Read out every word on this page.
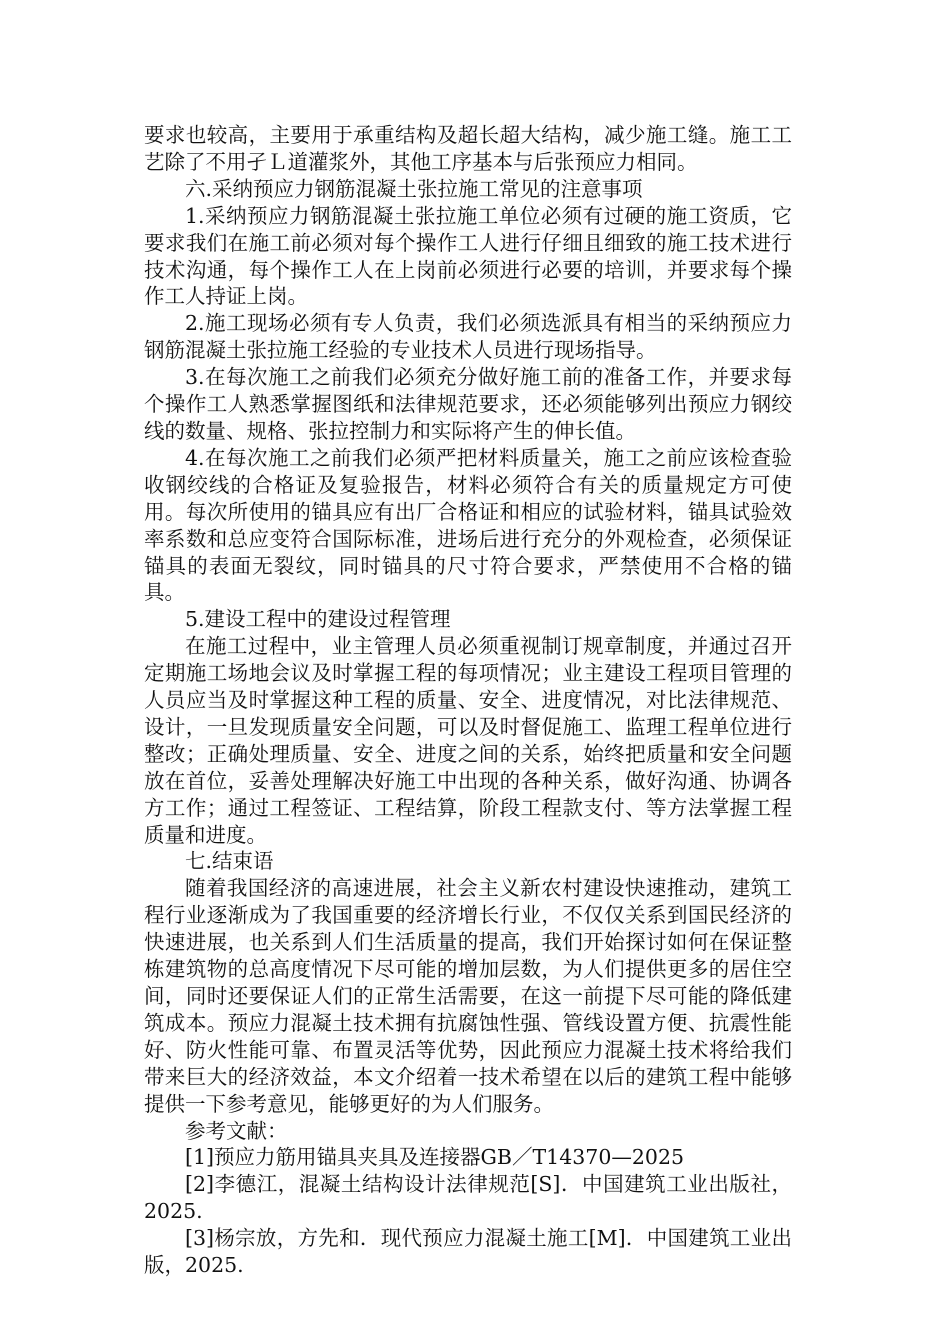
要求也较高，主要用于承重结构及超长超大结构，减少施工缝。施工工艺除了不用孑Ｌ道灌浆外，其他工序基本与后张预应力相同。

六.采纳预应力钢筋混凝土张拉施工常见的注意事项

1.采纳预应力钢筋混凝土张拉施工单位必须有过硬的施工资质，它要求我们在施工前必须对每个操作工人进行仔细且细致的施工技术进行技术沟通，每个操作工人在上岗前必须进行必要的培训，并要求每个操作工人持证上岗。

2.施工现场必须有专人负责，我们必须选派具有相当的采纳预应力钢筋混凝土张拉施工经验的专业技术人员进行现场指导。

3.在每次施工之前我们必须充分做好施工前的准备工作，并要求每个操作工人熟悉掌握图纸和法律规范要求，还必须能够列出预应力钢绞线的数量、规格、张拉控制力和实际将产生的伸长值。

4.在每次施工之前我们必须严把材料质量关，施工之前应该检查验收钢绞线的合格证及复验报告，材料必须符合有关的质量规定方可使用。每次所使用的锚具应有出厂合格证和相应的试验材料，锚具试验效率系数和总应变符合国际标准，进场后进行充分的外观检查，必须保证锚具的表面无裂纹，同时锚具的尺寸符合要求，严禁使用不合格的锚具。

5.建设工程中的建设过程管理

在施工过程中，业主管理人员必须重视制订规章制度，并通过召开定期施工场地会议及时掌握工程的每项情况；业主建设工程项目管理的人员应当及时掌握这种工程的质量、安全、进度情况，对比法律规范、设计，一旦发现质量安全问题，可以及时督促施工、监理工程单位进行整改；正确处理质量、安全、进度之间的关系，始终把质量和安全问题放在首位，妥善处理解决好施工中出现的各种关系，做好沟通、协调各方工作；通过工程签证、工程结算，阶段工程款支付、等方法掌握工程质量和进度。

七.结束语

随着我国经济的高速进展，社会主义新农村建设快速推动，建筑工程行业逐渐成为了我国重要的经济增长行业，不仅仅关系到国民经济的快速进展，也关系到人们生活质量的提高，我们开始探讨如何在保证整栋建筑物的总高度情况下尽可能的增加层数，为人们提供更多的居住空间，同时还要保证人们的正常生活需要，在这一前提下尽可能的降低建筑成本。预应力混凝土技术拥有抗腐蚀性强、管线设置方便、抗震性能好、防火性能可靠、布置灵活等优势，因此预应力混凝土技术将给我们带来巨大的经济效益，本文介绍着一技术希望在以后的建筑工程中能够提供一下参考意见，能够更好的为人们服务。

参考文献：

[1]预应力筋用锚具夹具及连接器GB／T14370—2025

[2]李德江，混凝土结构设计法律规范[S]．中国建筑工业出版社，2025.

[3]杨宗放，方先和．现代预应力混凝土施工[M]．中国建筑工业出版，2025.
